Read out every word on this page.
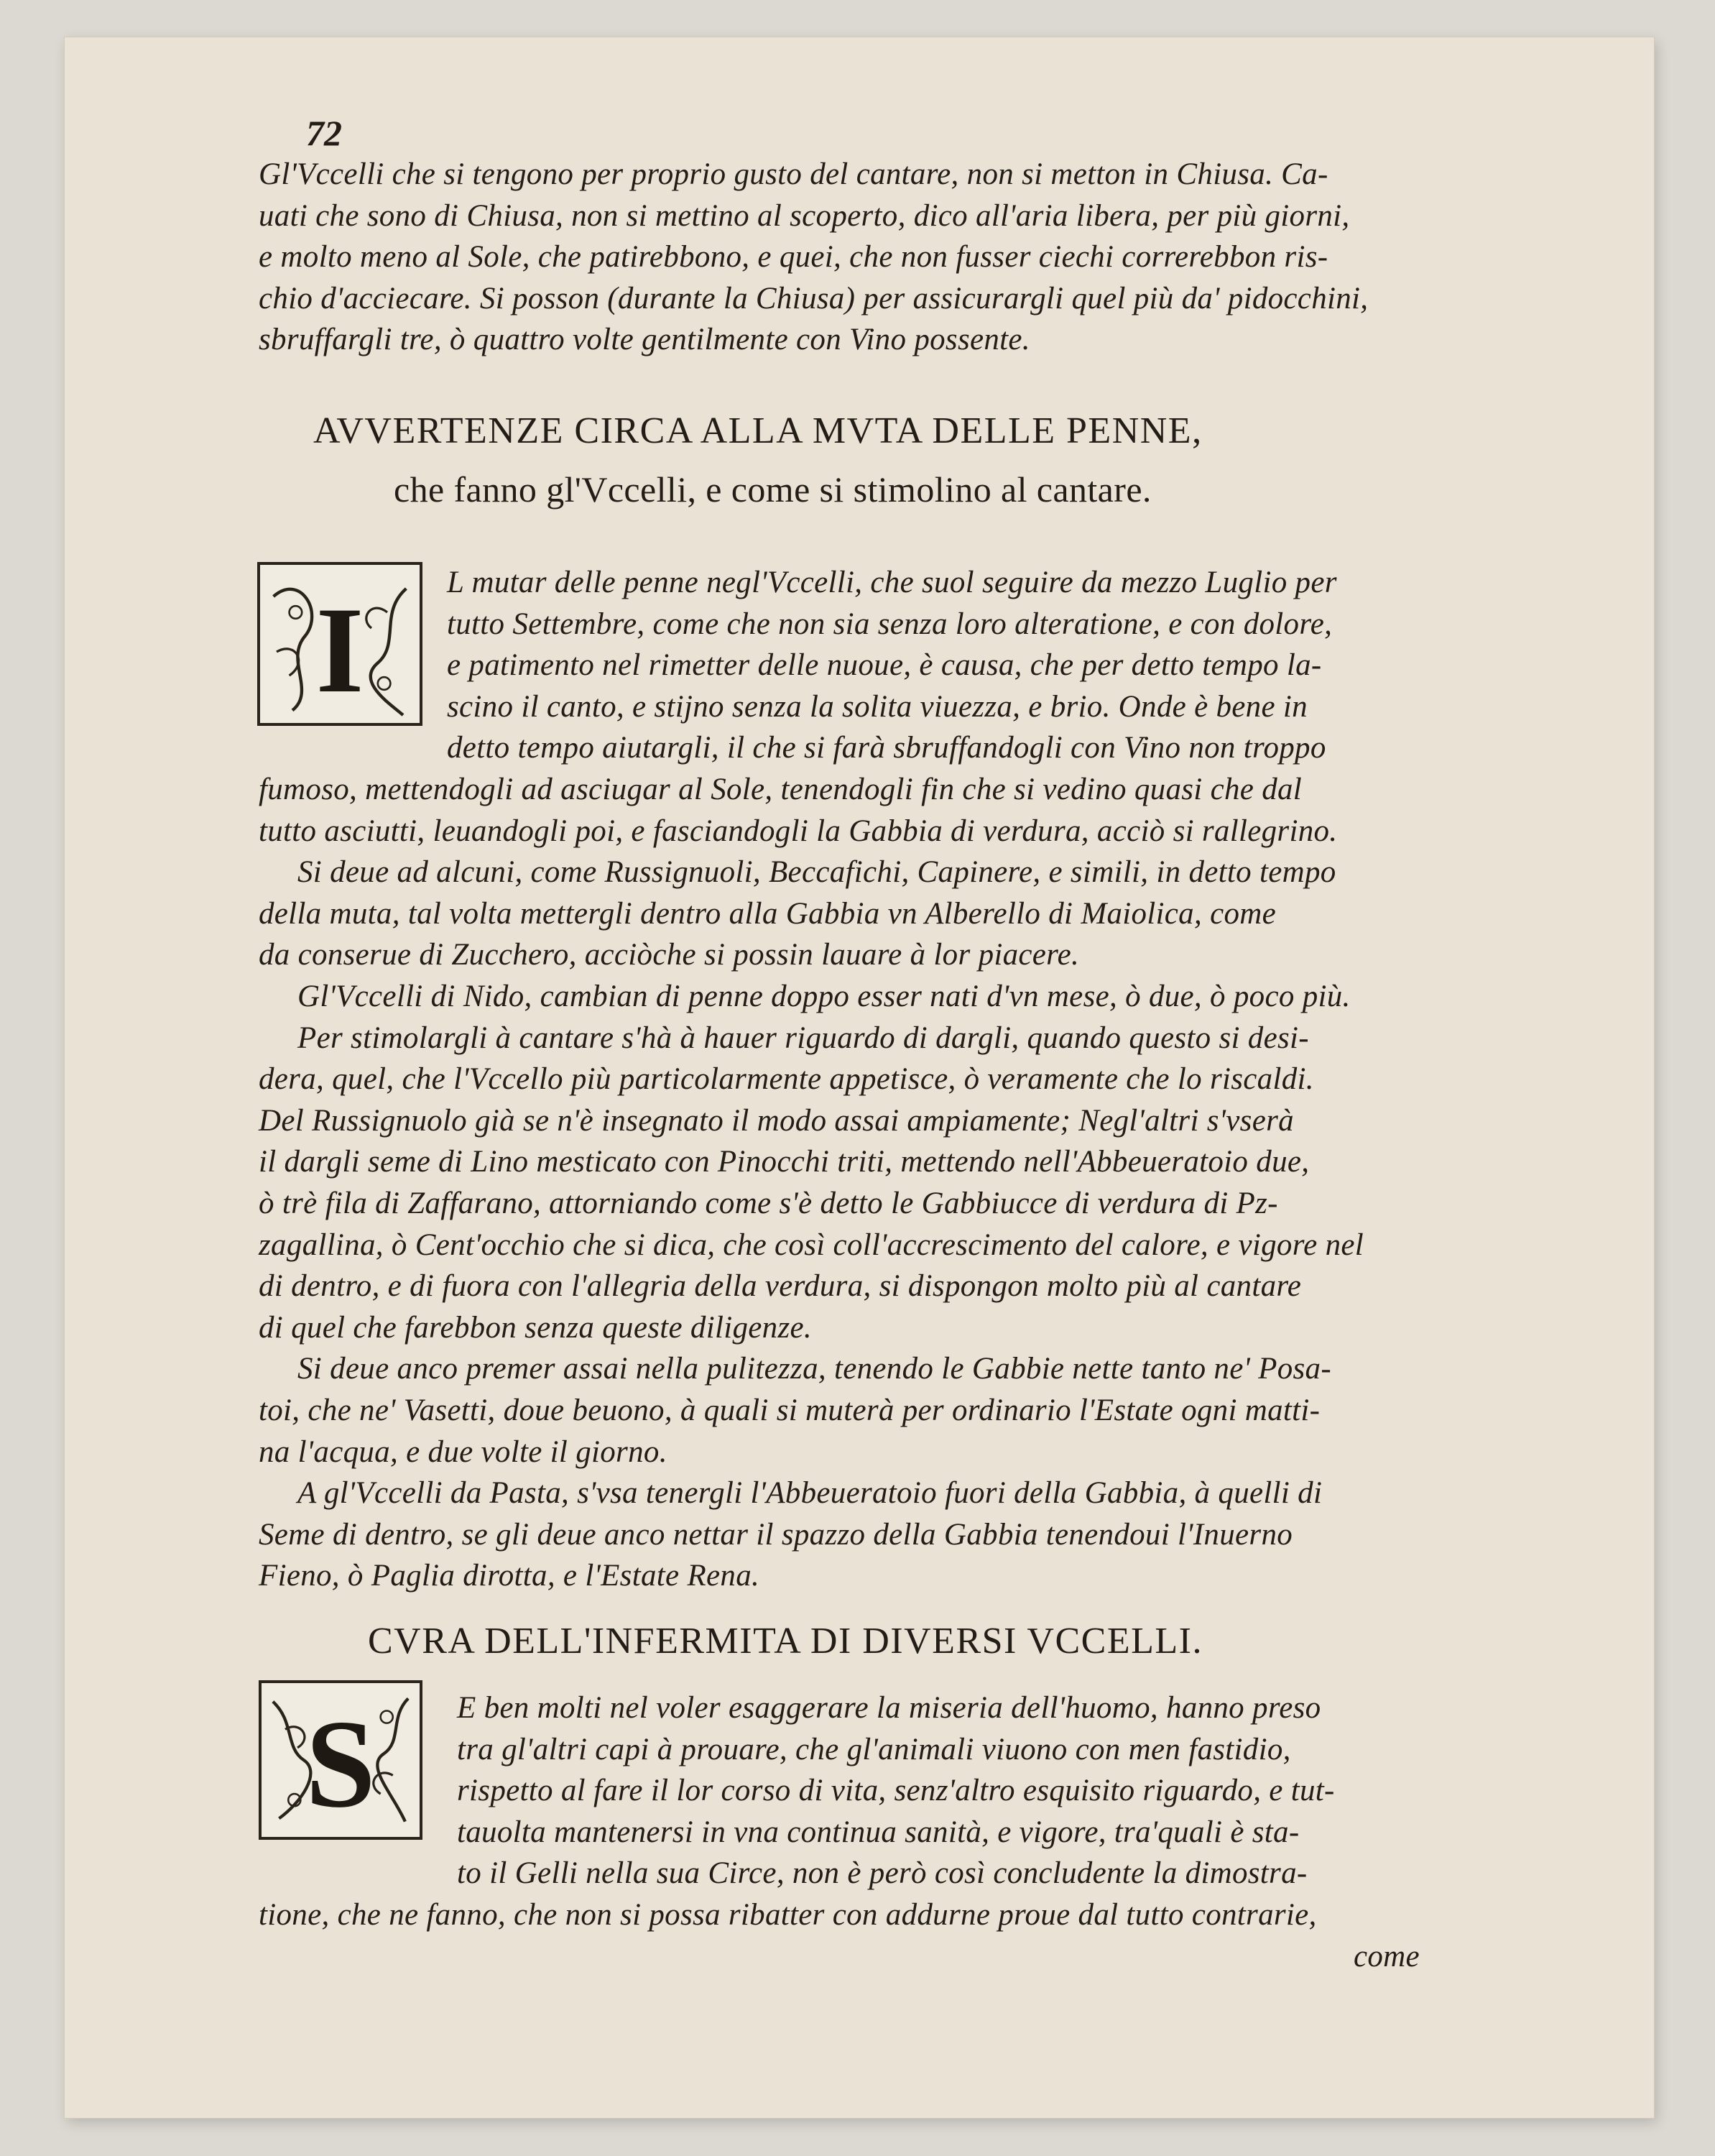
72
Gl'Vccelli che si tengono per proprio gusto del cantare, non si metton in Chiusa. Ca-
uati che sono di Chiusa, non si mettino al scoperto, dico all'aria libera, per più giorni,
e molto meno al Sole, che patirebbono, e quei, che non fusser ciechi correrebbon ris-
chio d'acciecare. Si posson (durante la Chiusa) per assicurargli quel più da' pidocchini,
sbruffargli tre, ò quattro volte gentilmente con Vino possente.
AVVERTENZE CIRCA ALLA MVTA DELLE PENNE,
che fanno gl'Vccelli, e come si stimolino al cantare.
I	L mutar delle penne negl'Vccelli, che suol seguire da mezzo Luglio per
tutto Settembre, come che non sia senza loro alteratione, e con dolore,
e patimento nel rimetter delle nuoue, è causa, che per detto tempo la-
scino il canto, e stijno senza la solita viuezza, e brio. Onde è bene in
detto tempo aiutargli, il che si farà sbruffandogli con Vino non troppo
fumoso, mettendogli ad asciugar al Sole, tenendogli fin che si vedino quasi che dal
tutto asciutti, leuandogli poi, e fasciandogli la Gabbia di verdura, acciò si rallegrino.
Si deue ad alcuni, come Russignuoli, Beccafichi, Capinere, e simili, in detto tempo
della muta, tal volta mettergli dentro alla Gabbia vn Alberello di Maiolica, come
da conserue di Zucchero, acciòche si possin lauare à lor piacere.
Gl'Vccelli di Nido, cambian di penne doppo esser nati d'vn mese, ò due, ò poco più.
Per stimolargli à cantare s'hà à hauer riguardo di dargli, quando questo si desi-
dera, quel, che l'Vccello più particolarmente appetisce, ò veramente che lo riscaldi.
Del Russignuolo già se n'è insegnato il modo assai ampiamente; Negl'altri s'vserà
il dargli seme di Lino mesticato con Pinocchi triti, mettendo nell'Abbeueratoio due,
ò trè fila di Zaffarano, attorniando come s'è detto le Gabbiucce di verdura di Pz-
zagallina, ò Cent'occhio che si dica, che così coll'accrescimento del calore, e vigore nel
di dentro, e di fuora con l'allegria della verdura, si dispongon molto più al cantare
di quel che farebbon senza queste diligenze.
Si deue anco premer assai nella pulitezza, tenendo le Gabbie nette tanto ne' Posa-
toi, che ne' Vasetti, doue beuono, à quali si muterà per ordinario l'Estate ogni matti-
na l'acqua, e due volte il giorno.
A gl'Vccelli da Pasta, s'vsa tenergli l'Abbeueratoio fuori della Gabbia, à quelli di
Seme di dentro, se gli deue anco nettar il spazzo della Gabbia tenendoui l'Inuerno
Fieno, ò Paglia dirotta, e l'Estate Rena.
CVRA DELL'INFERMITA DI DIVERSI VCCELLI.
S	E ben molti nel voler esaggerare la miseria dell'huomo, hanno preso
tra gl'altri capi à prouare, che gl'animali viuono con men fastidio,
rispetto al fare il lor corso di vita, senz'altro esquisito riguardo, e tut-
tauolta mantenersi in vna continua sanità, e vigore, tra'quali è sta-
to il Gelli nella sua Circe, non è però così concludente la dimostra-
tione, che ne fanno, che non si possa ribatter con addurne proue dal tutto contrarie,
come
